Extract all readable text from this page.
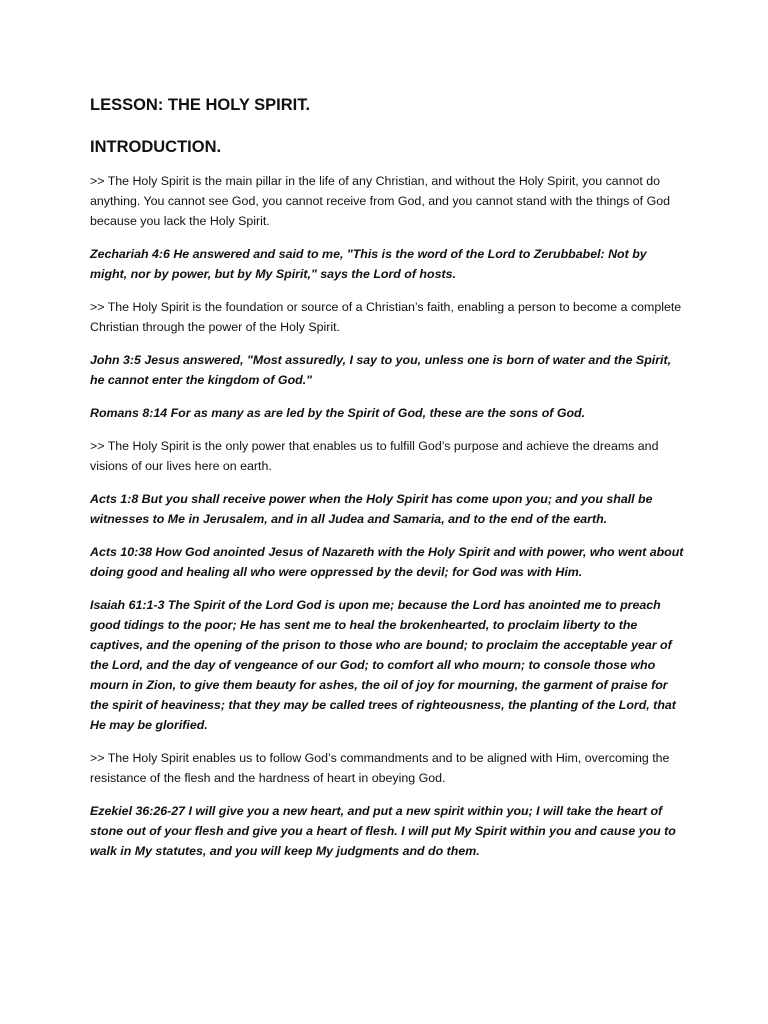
LESSON: THE HOLY SPIRIT.
INTRODUCTION.

>> The Holy Spirit is the main pillar in the life of any Christian, and without the Holy Spirit, you cannot do anything. You cannot see God, you cannot receive from God, and you cannot stand with the things of God because you lack the Holy Spirit.

Zechariah 4:6 He answered and said to me, "This is the word of the Lord to Zerubbabel: Not by might, nor by power, but by My Spirit," says the Lord of hosts.

>> The Holy Spirit is the foundation or source of a Christian’s faith, enabling a person to become a complete Christian through the power of the Holy Spirit.

John 3:5 Jesus answered, "Most assuredly, I say to you, unless one is born of water and the Spirit, he cannot enter the kingdom of God."

Romans 8:14 For as many as are led by the Spirit of God, these are the sons of God.

>> The Holy Spirit is the only power that enables us to fulfill God’s purpose and achieve the dreams and visions of our lives here on earth.

Acts 1:8 But you shall receive power when the Holy Spirit has come upon you; and you shall be witnesses to Me in Jerusalem, and in all Judea and Samaria, and to the end of the earth.

Acts 10:38 How God anointed Jesus of Nazareth with the Holy Spirit and with power, who went about doing good and healing all who were oppressed by the devil; for God was with Him.

Isaiah 61:1-3 The Spirit of the Lord God is upon me; because the Lord has anointed me to preach good tidings to the poor; He has sent me to heal the brokenhearted, to proclaim liberty to the captives, and the opening of the prison to those who are bound; to proclaim the acceptable year of the Lord, and the day of vengeance of our God; to comfort all who mourn; to console those who mourn in Zion, to give them beauty for ashes, the oil of joy for mourning, the garment of praise for the spirit of heaviness; that they may be called trees of righteousness, the planting of the Lord, that He may be glorified.

>> The Holy Spirit enables us to follow God’s commandments and to be aligned with Him, overcoming the resistance of the flesh and the hardness of heart in obeying God.

Ezekiel 36:26-27 I will give you a new heart, and put a new spirit within you; I will take the heart of stone out of your flesh and give you a heart of flesh. I will put My Spirit within you and cause you to walk in My statutes, and you will keep My judgments and do them.
